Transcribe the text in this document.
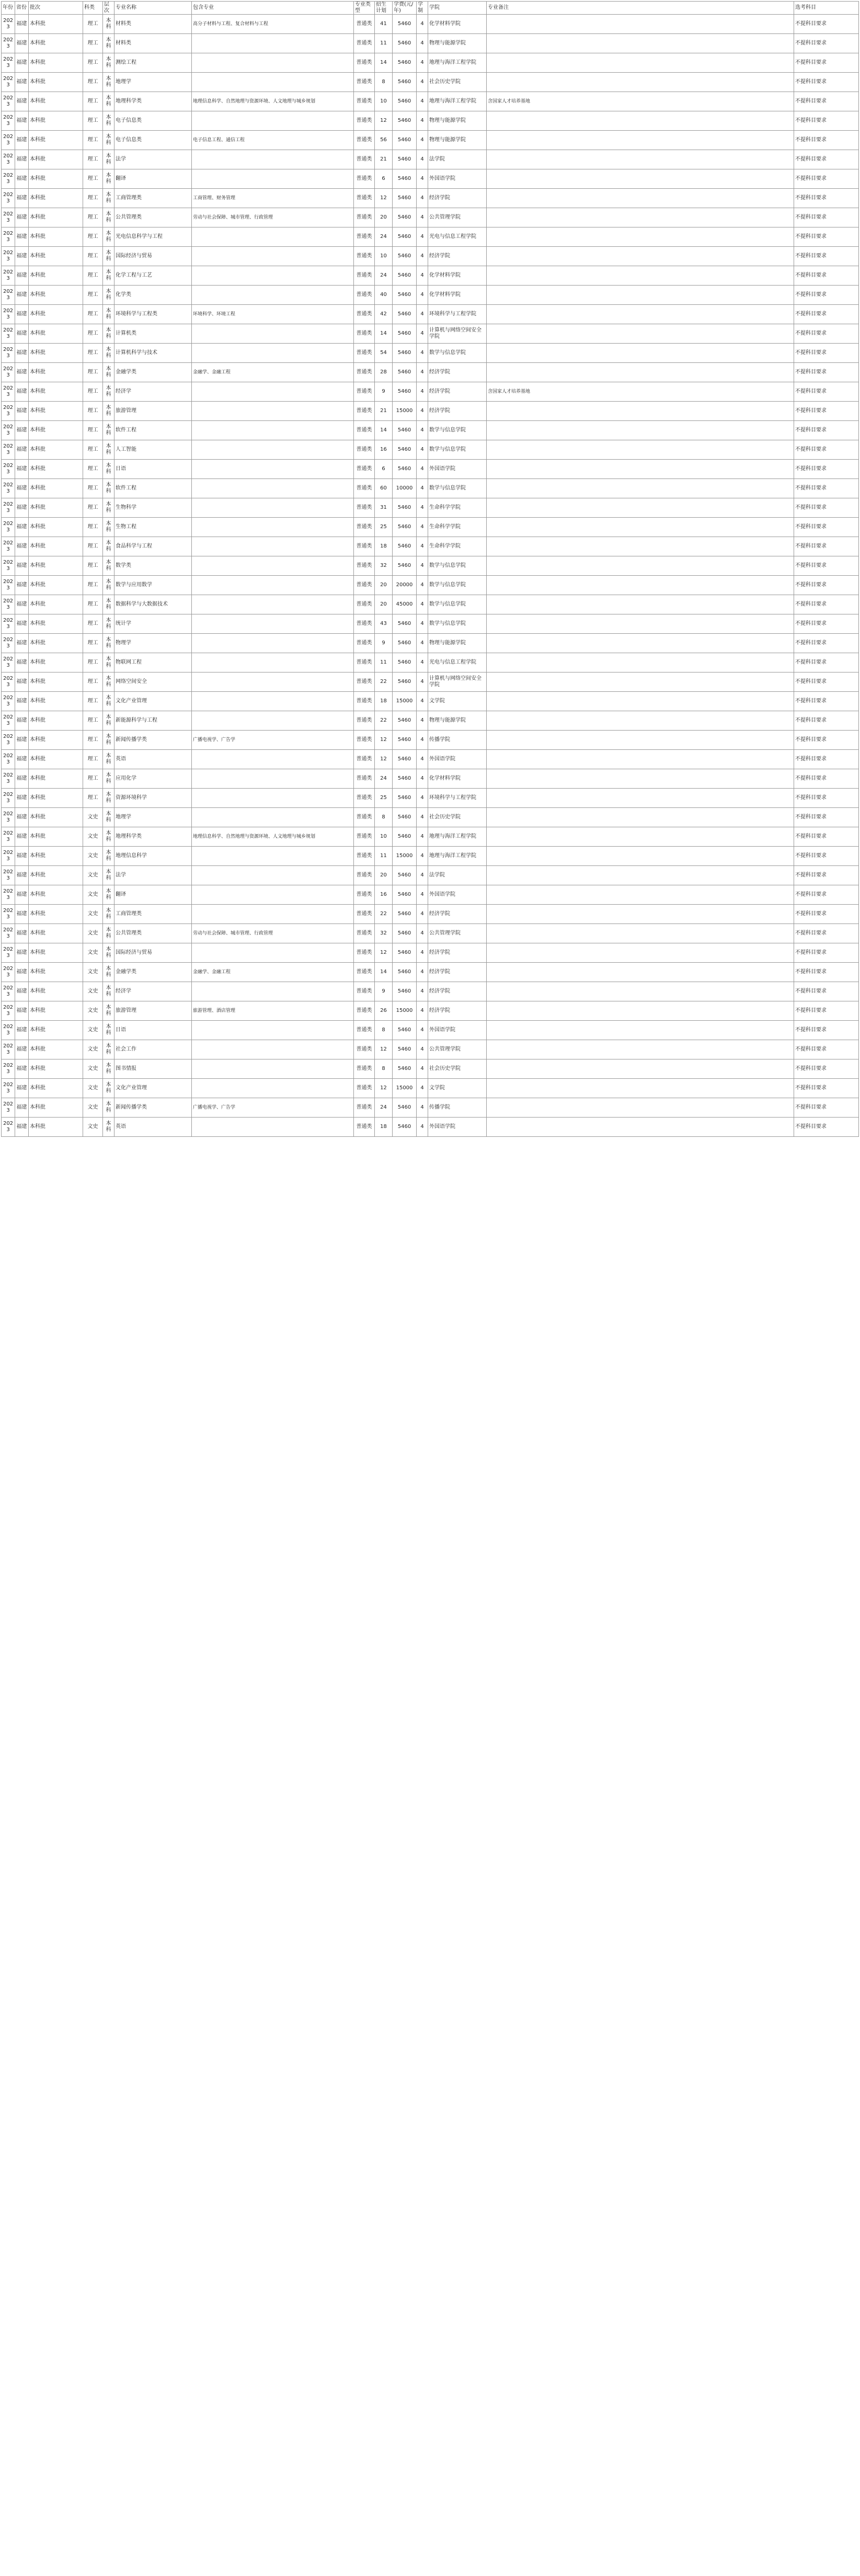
年份	省份	批次	科类	层次	专业名称	包含专业	专业类型	招生计划	学费(元/年)	学制	学院	专业备注	选考科目
2023	福建	本科批	理工	本科	材料类	高分子材料与工程、复合材料与工程	普通类	41	5460	4	化学材料学院		不提科目要求
2023	福建	本科批	理工	本科	材料类		普通类	11	5460	4	物理与能源学院		不提科目要求
2023	福建	本科批	理工	本科	测绘工程		普通类	14	5460	4	地理与海洋工程学院		不提科目要求
2023	福建	本科批	理工	本科	地理学		普通类	8	5460	4	社会历史学院		不提科目要求
2023	福建	本科批	理工	本科	地理科学类	地理信息科学、自然地理与资源环境、人文地理与城乡规划	普通类	10	5460	4	地理与海洋工程学院	含国家人才培养基地	不提科目要求
2023	福建	本科批	理工	本科	电子信息类		普通类	12	5460	4	物理与能源学院		不提科目要求
2023	福建	本科批	理工	本科	电子信息类	电子信息工程、通信工程	普通类	56	5460	4	物理与能源学院		不提科目要求
2023	福建	本科批	理工	本科	法学		普通类	21	5460	4	法学院		不提科目要求
2023	福建	本科批	理工	本科	翻译		普通类	6	5460	4	外国语学院		不提科目要求
2023	福建	本科批	理工	本科	工商管理类	工商管理、财务管理	普通类	12	5460	4	经济学院		不提科目要求
2023	福建	本科批	理工	本科	公共管理类	劳动与社会保障、城市管理、行政管理	普通类	20	5460	4	公共管理学院		不提科目要求
2023	福建	本科批	理工	本科	光电信息科学与工程		普通类	24	5460	4	光电与信息工程学院		不提科目要求
2023	福建	本科批	理工	本科	国际经济与贸易		普通类	10	5460	4	经济学院		不提科目要求
2023	福建	本科批	理工	本科	化学工程与工艺		普通类	24	5460	4	化学材料学院		不提科目要求
2023	福建	本科批	理工	本科	化学类		普通类	40	5460	4	化学材料学院		不提科目要求
2023	福建	本科批	理工	本科	环境科学与工程类	环境科学、环境工程	普通类	42	5460	4	环境科学与工程学院		不提科目要求
2023	福建	本科批	理工	本科	计算机类		普通类	14	5460	4	计算机与网络空间安全学院		不提科目要求
2023	福建	本科批	理工	本科	计算机科学与技术		普通类	54	5460	4	数学与信息学院		不提科目要求
2023	福建	本科批	理工	本科	金融学类	金融学、金融工程	普通类	28	5460	4	经济学院		不提科目要求
2023	福建	本科批	理工	本科	经济学		普通类	9	5460	4	经济学院	含国家人才培养基地	不提科目要求
2023	福建	本科批	理工	本科	旅游管理		普通类	21	15000	4	经济学院		不提科目要求
2023	福建	本科批	理工	本科	软件工程		普通类	14	5460	4	数学与信息学院		不提科目要求
2023	福建	本科批	理工	本科	人工智能		普通类	16	5460	4	数学与信息学院		不提科目要求
2023	福建	本科批	理工	本科	日语		普通类	6	5460	4	外国语学院		不提科目要求
2023	福建	本科批	理工	本科	软件工程		普通类	60	10000	4	数学与信息学院		不提科目要求
2023	福建	本科批	理工	本科	生物科学		普通类	31	5460	4	生命科学学院		不提科目要求
2023	福建	本科批	理工	本科	生物工程		普通类	25	5460	4	生命科学学院		不提科目要求
2023	福建	本科批	理工	本科	食品科学与工程		普通类	18	5460	4	生命科学学院		不提科目要求
2023	福建	本科批	理工	本科	数学类		普通类	32	5460	4	数学与信息学院		不提科目要求
2023	福建	本科批	理工	本科	数学与应用数学		普通类	20	20000	4	数学与信息学院		不提科目要求
2023	福建	本科批	理工	本科	数据科学与大数据技术		普通类	20	45000	4	数学与信息学院		不提科目要求
2023	福建	本科批	理工	本科	统计学		普通类	43	5460	4	数学与信息学院		不提科目要求
2023	福建	本科批	理工	本科	物理学		普通类	9	5460	4	物理与能源学院		不提科目要求
2023	福建	本科批	理工	本科	物联网工程		普通类	11	5460	4	光电与信息工程学院		不提科目要求
2023	福建	本科批	理工	本科	网络空间安全		普通类	22	5460	4	计算机与网络空间安全学院		不提科目要求
2023	福建	本科批	理工	本科	文化产业管理		普通类	18	15000	4	文学院		不提科目要求
2023	福建	本科批	理工	本科	新能源科学与工程		普通类	22	5460	4	物理与能源学院		不提科目要求
2023	福建	本科批	理工	本科	新闻传播学类	广播电视学、广告学	普通类	12	5460	4	传播学院		不提科目要求
2023	福建	本科批	理工	本科	英语		普通类	12	5460	4	外国语学院		不提科目要求
2023	福建	本科批	理工	本科	应用化学		普通类	24	5460	4	化学材料学院		不提科目要求
2023	福建	本科批	理工	本科	资源环境科学		普通类	25	5460	4	环境科学与工程学院		不提科目要求
2023	福建	本科批	文史	本科	地理学		普通类	8	5460	4	社会历史学院		不提科目要求
2023	福建	本科批	文史	本科	地理科学类	地理信息科学、自然地理与资源环境、人文地理与城乡规划	普通类	10	5460	4	地理与海洋工程学院		不提科目要求
2023	福建	本科批	文史	本科	地理信息科学		普通类	11	15000	4	地理与海洋工程学院		不提科目要求
2023	福建	本科批	文史	本科	法学		普通类	20	5460	4	法学院		不提科目要求
2023	福建	本科批	文史	本科	翻译		普通类	16	5460	4	外国语学院		不提科目要求
2023	福建	本科批	文史	本科	工商管理类		普通类	22	5460	4	经济学院		不提科目要求
2023	福建	本科批	文史	本科	公共管理类	劳动与社会保障、城市管理、行政管理	普通类	32	5460	4	公共管理学院		不提科目要求
2023	福建	本科批	文史	本科	国际经济与贸易		普通类	12	5460	4	经济学院		不提科目要求
2023	福建	本科批	文史	本科	金融学类	金融学、金融工程	普通类	14	5460	4	经济学院		不提科目要求
2023	福建	本科批	文史	本科	经济学		普通类	9	5460	4	经济学院		不提科目要求
2023	福建	本科批	文史	本科	旅游管理	旅游管理、酒店管理	普通类	26	15000	4	经济学院		不提科目要求
2023	福建	本科批	文史	本科	日语		普通类	8	5460	4	外国语学院		不提科目要求
2023	福建	本科批	文史	本科	社会工作		普通类	12	5460	4	公共管理学院		不提科目要求
2023	福建	本科批	文史	本科	图书情报		普通类	8	5460	4	社会历史学院		不提科目要求
2023	福建	本科批	文史	本科	文化产业管理		普通类	12	15000	4	文学院		不提科目要求
2023	福建	本科批	文史	本科	新闻传播学类	广播电视学、广告学	普通类	24	5460	4	传播学院		不提科目要求
2023	福建	本科批	文史	本科	英语		普通类	18	5460	4	外国语学院		不提科目要求
